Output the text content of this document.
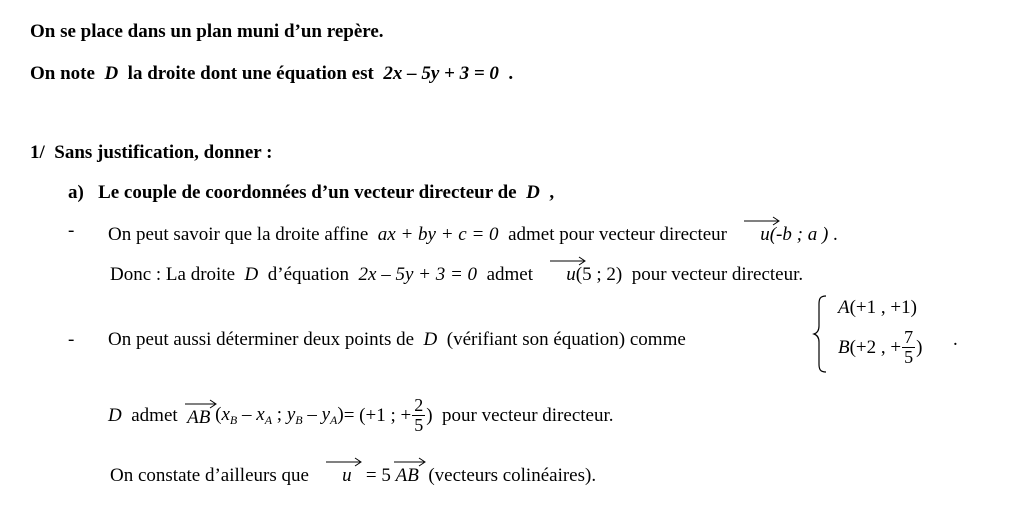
On se place dans un plan muni d’un repère.
On note D la droite dont une équation est 2x – 5y + 3 = 0 .
1/ Sans justification, donner :
a) Le couple de coordonnées d’un vecteur directeur de D ,
- On peut savoir que la droite affine ax + by + c = 0 admet pour vecteur directeur u(-b ; a ) .
Donc : La droite D d’équation 2x – 5y + 3 = 0 admet u(5 ; 2) pour vecteur directeur.
- On peut aussi déterminer deux points de D (vérifiant son équation) comme
A(+1 , +1)
B (+2 , + $\frac{7}{5}$ ) .
D
admet
AB
($x_B - x_A$ ; $y_B - y_A) = (+1$ ; + $\frac{2}{5}$ )
pour vecteur directeur.
On constate d’ailleurs que u = 5 AB (vecteurs colinéaires).
